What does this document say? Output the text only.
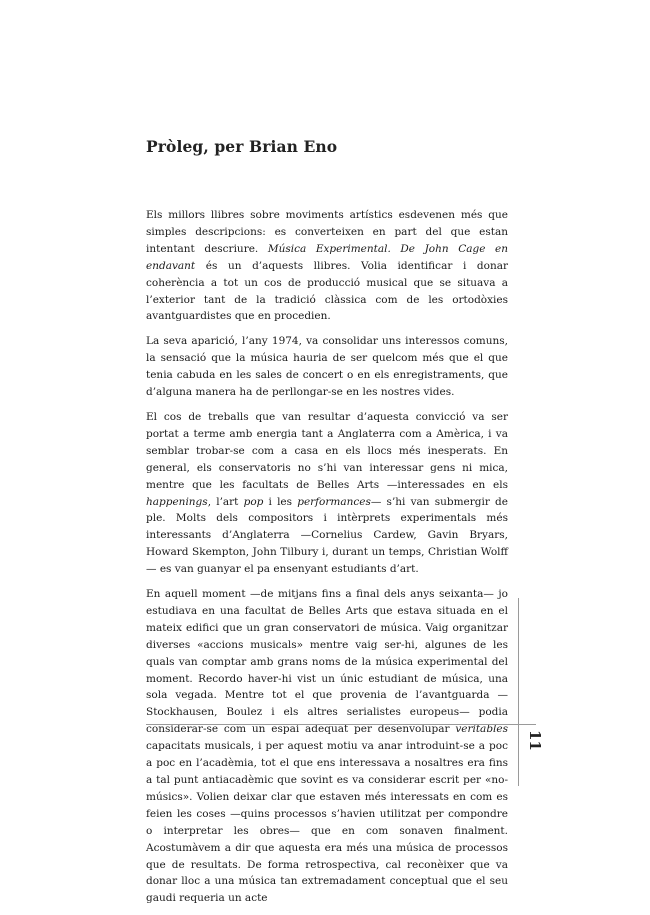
Pròleg, per Brian Eno

Els millors llibres sobre moviments artístics esdevenen més que simples descripcions: es converteixen en part del que estan intentant descriure. Música Experimental. De John Cage en endavant és un d’aquests llibres. Volia identificar i donar coherència a tot un cos de producció musical que se situava a l’exterior tant de la tradició clàssica com de les ortodòxies avantguardistes que en procedien.

La seva aparició, l’any 1974, va consolidar uns interessos comuns, la sensació que la música hauria de ser quelcom més que el que tenia cabuda en les sales de concert o en els enregistraments, que d’alguna manera ha de perllongar-se en les nostres vides.

El cos de treballs que van resultar d’aquesta convicció va ser portat a terme amb energia tant a Anglaterra com a Amèrica, i va semblar trobar-se com a casa en els llocs més inesperats. En general, els conservatoris no s’hi van interessar gens ni mica, mentre que les facultats de Belles Arts —interessades en els happenings, l’art pop i les performances— s’hi van submergir de ple. Molts dels compositors i intèrprets experimentals més interessants d’Anglaterra —Cornelius Cardew, Gavin Bryars, Howard Skempton, John Tilbury i, durant un temps, Christian Wolff— es van guanyar el pa ensenyant estudiants d’art.

En aquell moment —de mitjans fins a final dels anys seixanta— jo estudiava en una facultat de Belles Arts que estava situada en el mateix edifici que un gran conservatori de música. Vaig organitzar diverses «accions musicals» mentre vaig ser-hi, algunes de les quals van comptar amb grans noms de la música experimental del moment. Recordo haver-hi vist un únic estudiant de música, una sola vegada. Mentre tot el que provenia de l’avantguarda —Stockhausen, Boulez i els altres serialistes europeus— podia considerar-se com un espai adequat per desenvolupar veritables capacitats musicals, i per aquest motiu va anar introduint-se a poc a poc en l’acadèmia, tot el que ens interessava a nosaltres era fins a tal punt antiacadèmic que sovint es va considerar escrit per «no-músics». Volien deixar clar que estaven més interessats en com es feien les coses —quins processos s’havien utilitzat per compondre o interpretar les obres— que en com sonaven finalment. Acostumàvem a dir que aquesta era més una música de processos que de resultats. De forma retrospectiva, cal reconèixer que va donar lloc a una música tan extremadament conceptual que el seu gaudi requeria un acte

11
